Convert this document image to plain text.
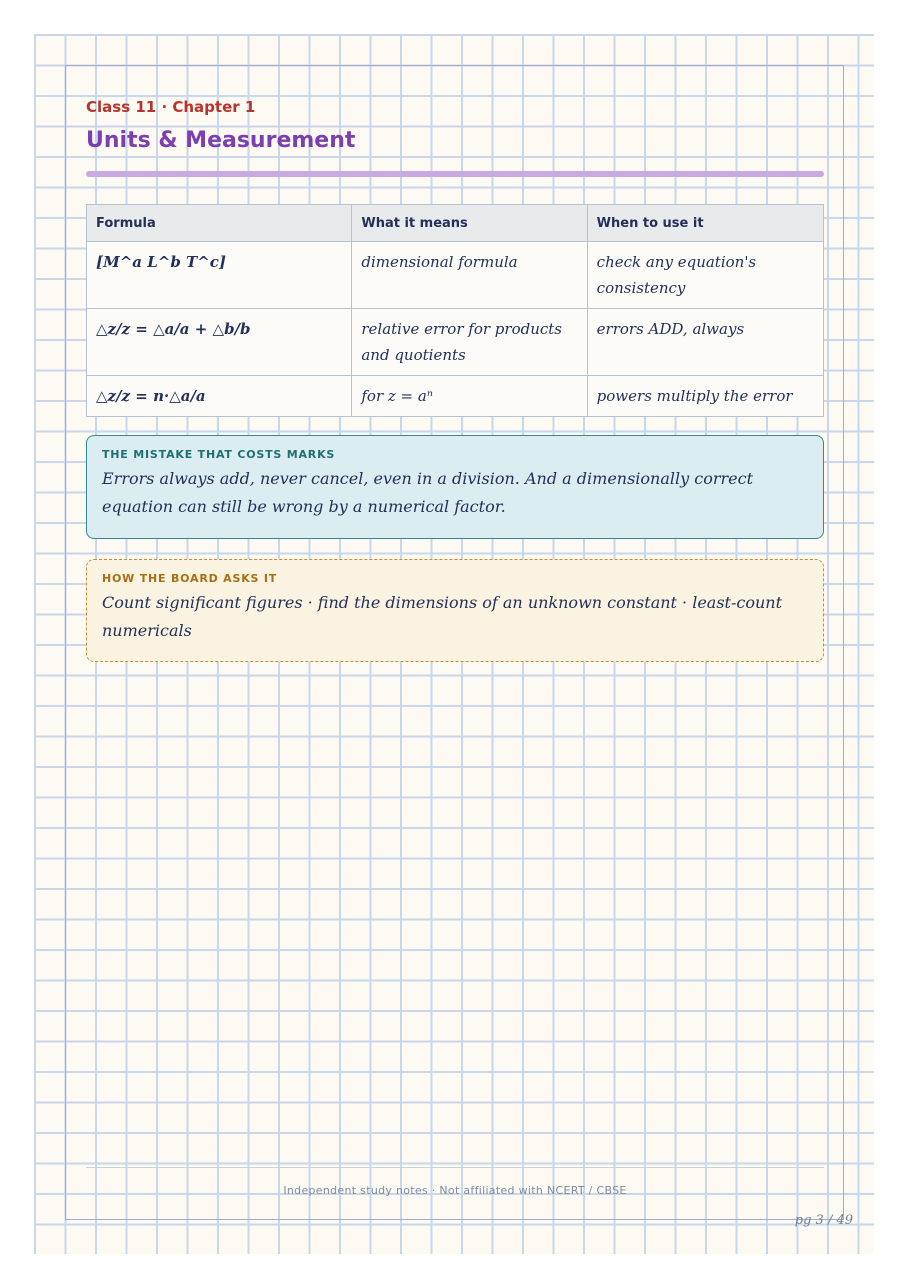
Class 11 · Chapter 1
Units & Measurement
Formula	What it means	When to use it
[M^a L^b T^c]	dimensional formula	check any equation's consistency
△z/z = △a/a + △b/b	relative error for products and quotients	errors ADD, always
△z/z = n·△a/a	for z = aⁿ	powers multiply the error
THE MISTAKE THAT COSTS MARKS
Errors always add, never cancel, even in a division. And a dimensionally correct equation can still be wrong by a numerical factor.
HOW THE BOARD ASKS IT
Count significant figures · find the dimensions of an unknown constant · least-count numericals
Independent study notes · Not affiliated with NCERT / CBSE
pg 3 / 49
